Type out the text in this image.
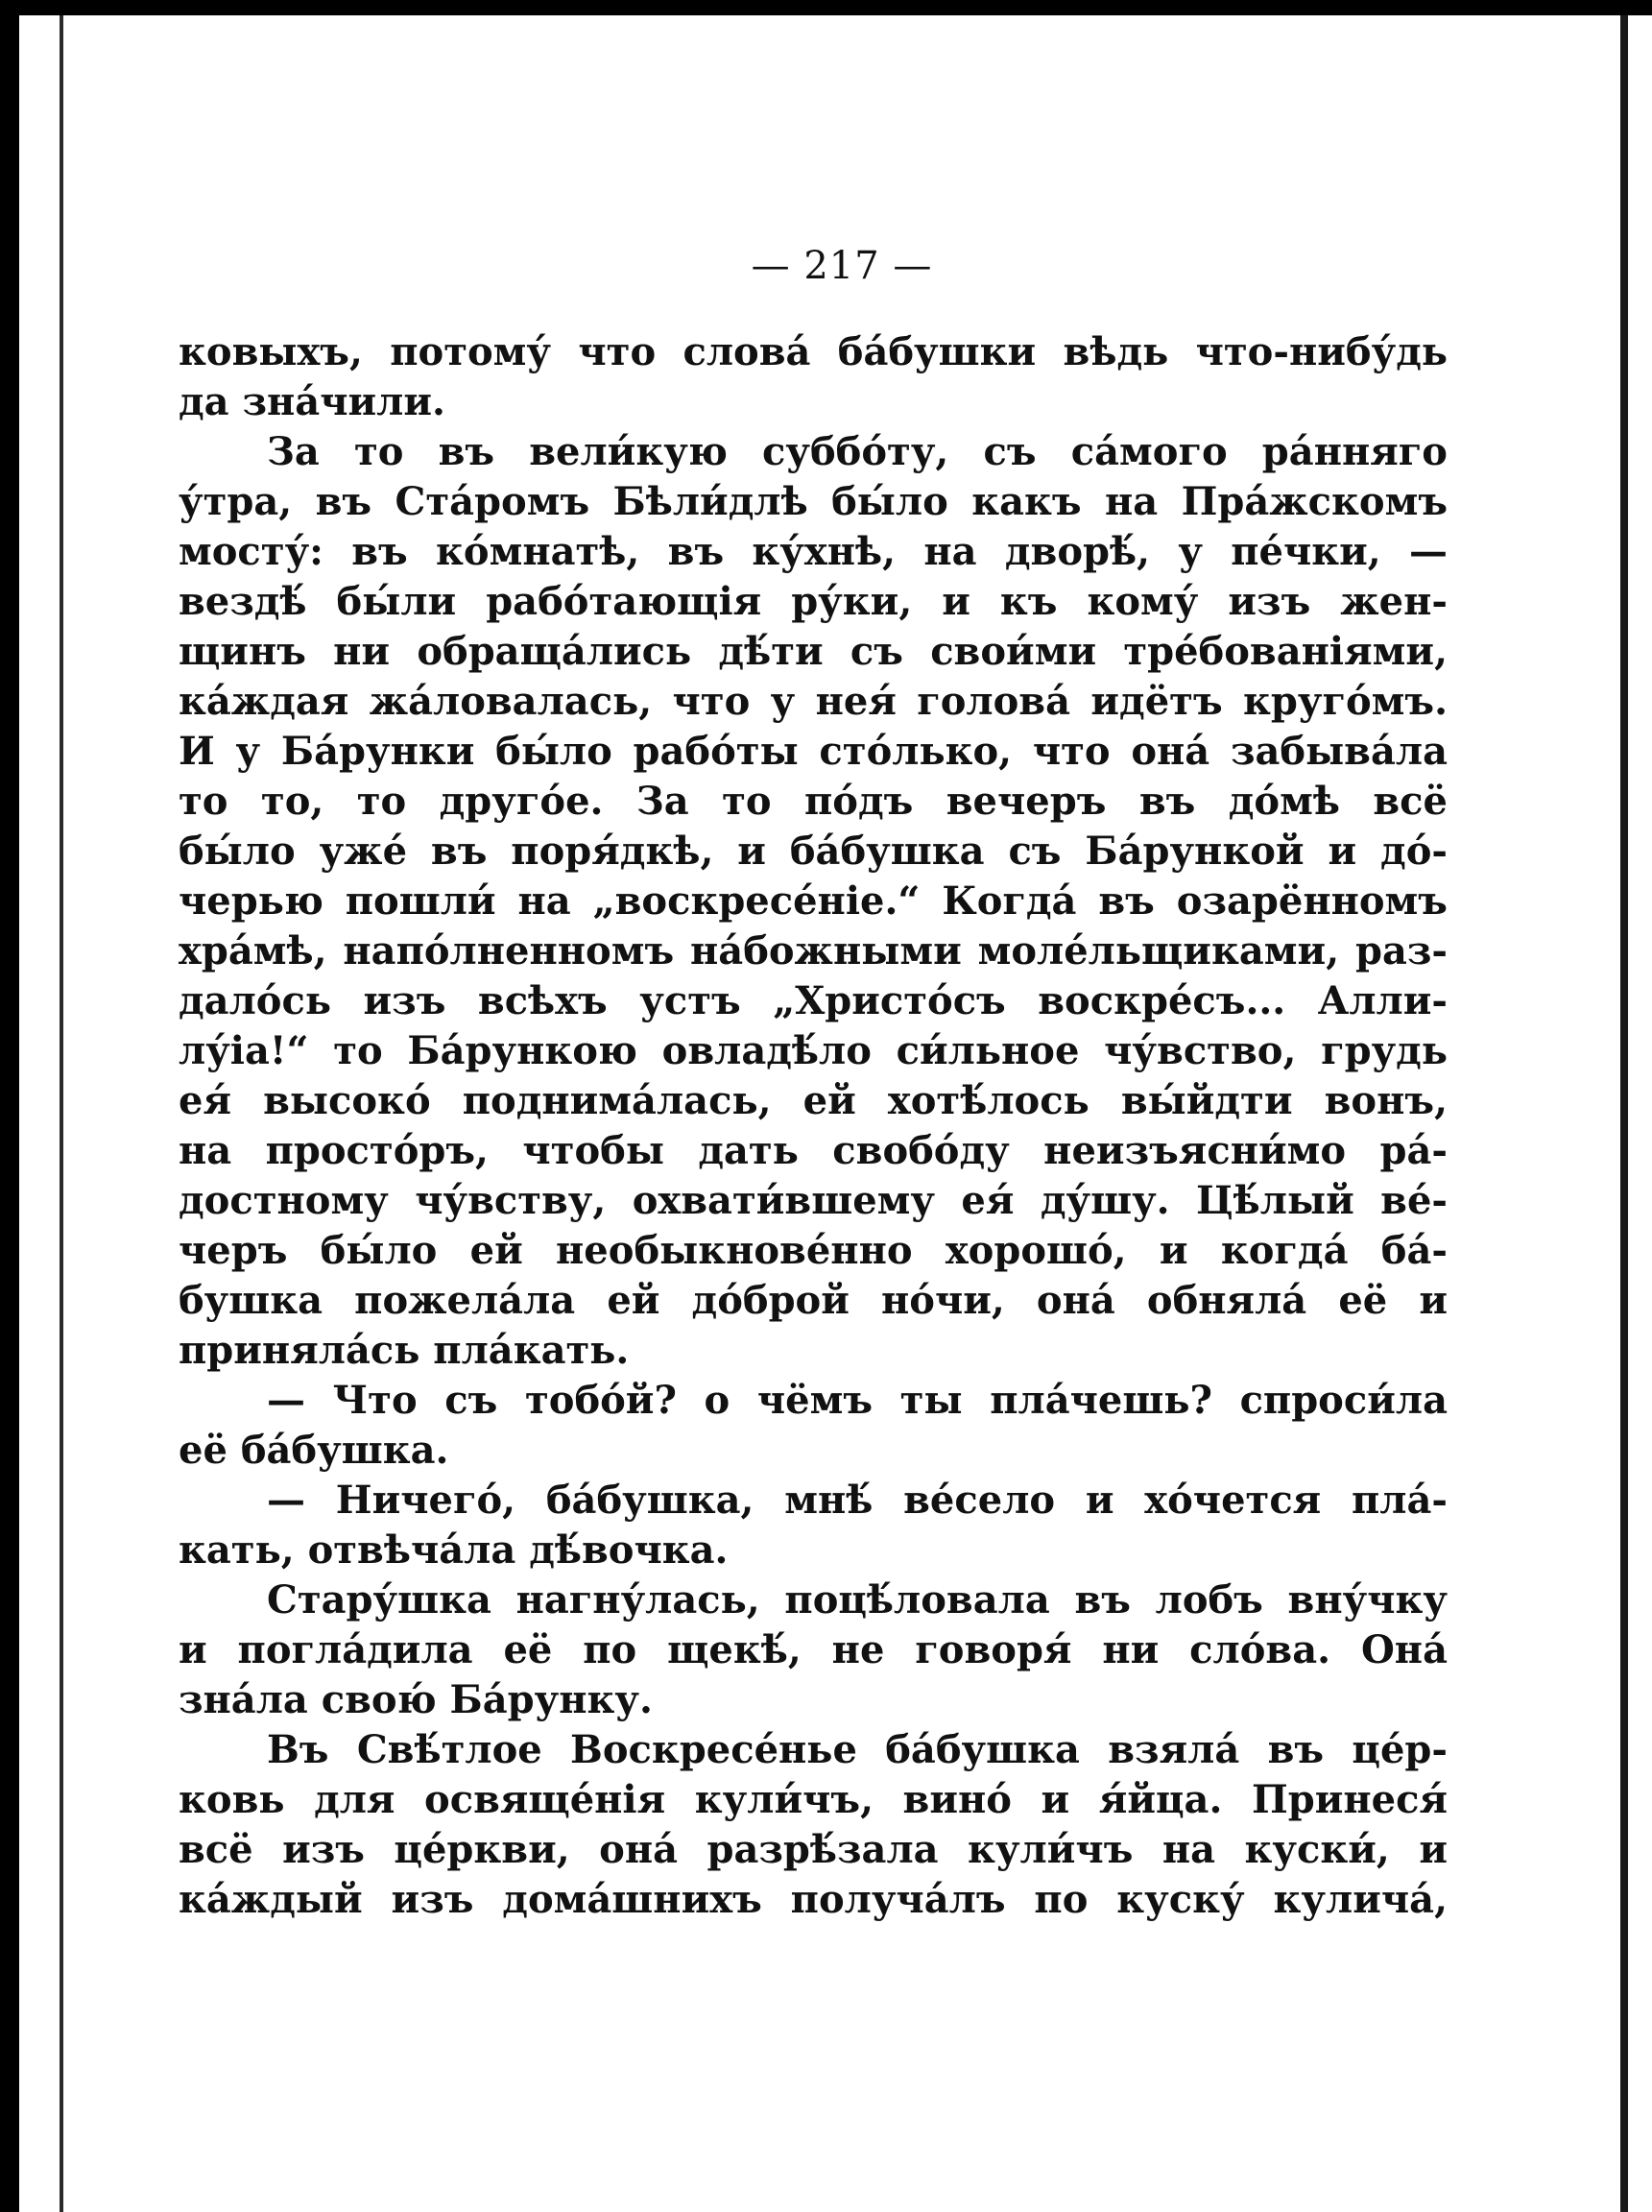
— 217 —
ковыхъ, потому́ что слова́ ба́бушки вѣдь что-нибу́дь
да зна́чили.
За то въ вели́кую суббо́ту, съ са́мого ра́нняго
у́тра, въ Ста́ромъ Бѣли́длѣ бы́ло какъ на Пра́жскомъ
мосту́: въ ко́мнатѣ, въ ку́хнѣ, на дворѣ́, у пе́чки, —
вездѣ́ бы́ли рабо́тающія ру́ки, и къ кому́ изъ жен-
щинъ ни обраща́лись дѣ́ти съ свои́ми тре́бованіями,
ка́ждая жа́ловалась, что у нея́ голова́ идётъ круго́мъ.
И у Ба́рунки бы́ло рабо́ты сто́лько, что она́ забыва́ла
то то, то друго́е. За то по́дъ вечеръ въ до́мѣ всё
бы́ло уже́ въ поря́дкѣ, и ба́бушка съ Ба́рункой и до́-
черью пошли́ на „воскресе́ніе.“ Когда́ въ озарённомъ
хра́мѣ, напо́лненномъ на́божными моле́льщиками, раз-
дало́сь изъ всѣхъ устъ „Христо́съ воскре́съ... Алли-
лу́іа!“ то Ба́рункою овладѣ́ло си́льное чу́вство, грудь
ея́ высоко́ поднима́лась, ей хотѣ́лось вы́йдти вонъ,
на просто́ръ, чтобы дать свобо́ду неизъясни́мо ра́-
достному чу́вству, охвати́вшему ея́ ду́шу. Цѣ́лый ве́-
черъ бы́ло ей необыкнове́нно хорошо́, и когда́ ба́-
бушка пожела́ла ей до́брой но́чи, она́ обняла́ её и
приняла́сь пла́кать.
— Что съ тобо́й? о чёмъ ты пла́чешь? спроси́ла
её ба́бушка.
— Ничего́, ба́бушка, мнѣ́ ве́село и хо́чется пла́-
кать, отвѣча́ла дѣ́вочка.
Стару́шка нагну́лась, поцѣ́ловала въ лобъ вну́чку
и погла́дила её по щекѣ́, не говоря́ ни сло́ва. Она́
зна́ла свою́ Ба́рунку.
Въ Свѣ́тлое Воскресе́нье ба́бушка взяла́ въ це́р-
ковь для освяще́нія кули́чъ, вино́ и я́йца. Принеся́
всё изъ це́ркви, она́ разрѣ́зала кули́чъ на куски́, и
ка́ждый изъ дома́шнихъ получа́лъ по куску́ кулича́,
